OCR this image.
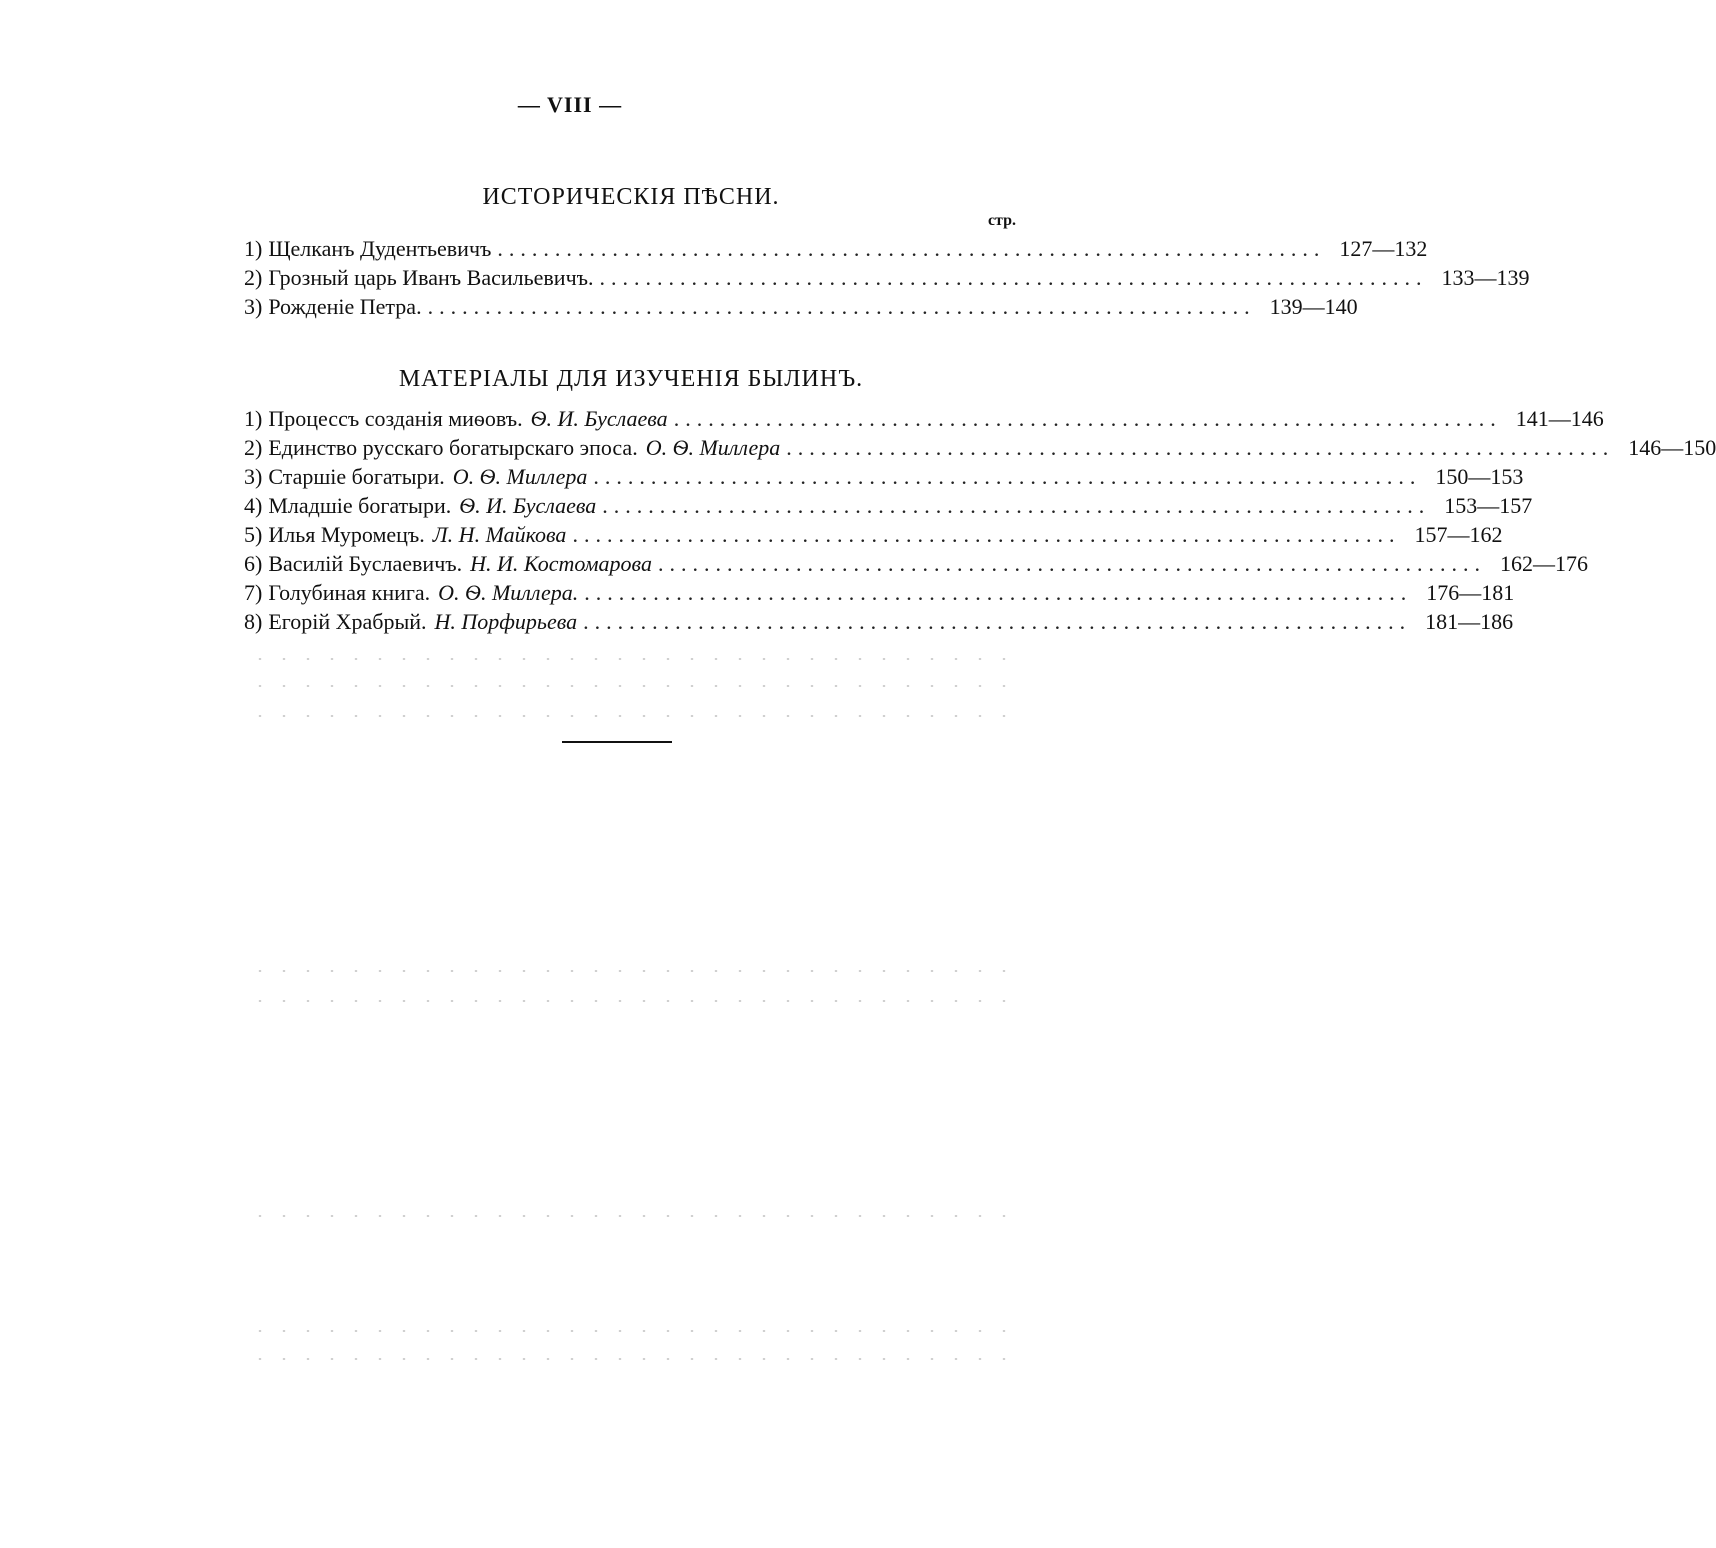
— VIII —
ИСТОРИЧЕСКІЯ ПѢСНИ.
стр.
1) Щелканъ Дудентьевичъ ........................................................................ 127—132
2) Грозный царь Иванъ Васильевичъ. ........................................................................ 133—139
3) Рожденіе Петра. ........................................................................ 139—140
МАТЕРІАЛЫ ДЛЯ ИЗУЧЕНІЯ БЫЛИНЪ.
1) Процессъ созданія миѳовъ. Ѳ. И. Буслаева ........................................................................ 141—146
2) Единство русскаго богатырскаго эпоса. О. Ѳ. Миллера ........................................................................ 146—150
3) Старшіе богатыри. О. Ѳ. Миллера ........................................................................ 150—153
4) Младшіе богатыри. Ѳ. И. Буслаева ........................................................................ 153—157
5) Илья Муромецъ. Л. Н. Майкова ........................................................................ 157—162
6) Василій Буслаевичъ. Н. И. Костомарова ........................................................................ 162—176
7) Голубиная книга. О. Ѳ. Миллера. ........................................................................ 176—181
8) Егорій Храбрый. Н. Порфирьева ........................................................................ 181—186
